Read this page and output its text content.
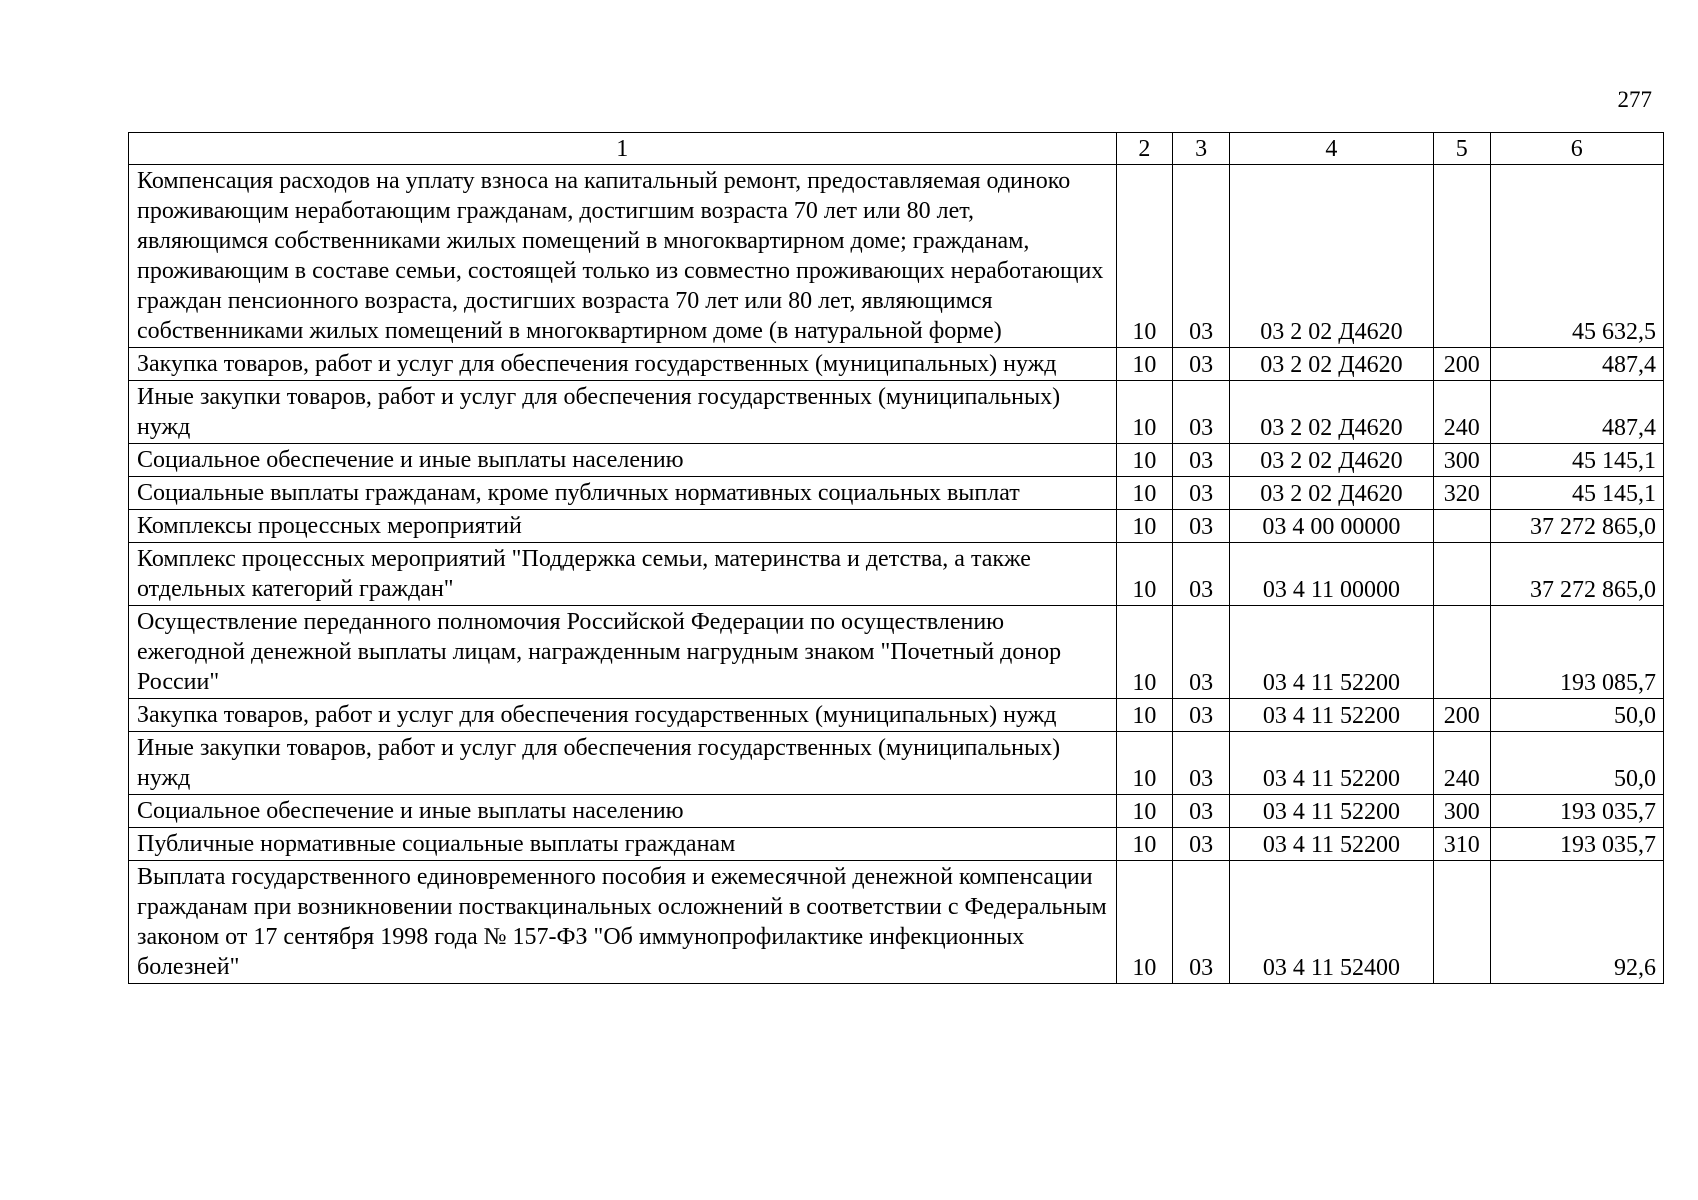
277
1	2	3	4	5	6
Компенсация расходов на уплату взноса на капитальный ремонт, предоставляемая одиноко проживающим неработающим гражданам, достигшим возраста 70 лет или 80 лет, являющимся собственниками жилых помещений в многоквартирном доме; гражданам, проживающим в составе семьи, состоящей только из совместно проживающих неработающих граждан пенсионного возраста, достигших возраста 70 лет или 80 лет, являющимся собственниками жилых помещений в многоквартирном доме (в натуральной форме)	10	03	03 2 02 Д4620		45 632,5
Закупка товаров, работ и услуг для обеспечения государственных (муниципальных) нужд	10	03	03 2 02 Д4620	200	487,4
Иные закупки товаров, работ и услуг для обеспечения государственных (муниципальных) нужд	10	03	03 2 02 Д4620	240	487,4
Социальное обеспечение и иные выплаты населению	10	03	03 2 02 Д4620	300	45 145,1
Социальные выплаты гражданам, кроме публичных нормативных социальных выплат	10	03	03 2 02 Д4620	320	45 145,1
Комплексы процессных мероприятий	10	03	03 4 00 00000		37 272 865,0
Комплекс процессных мероприятий "Поддержка семьи, материнства и детства, а также отдельных категорий граждан"	10	03	03 4 11 00000		37 272 865,0
Осуществление переданного полномочия Российской Федерации по осуществлению ежегодной денежной выплаты лицам, награжденным нагрудным знаком "Почетный донор России"	10	03	03 4 11 52200		193 085,7
Закупка товаров, работ и услуг для обеспечения государственных (муниципальных) нужд	10	03	03 4 11 52200	200	50,0
Иные закупки товаров, работ и услуг для обеспечения государственных (муниципальных) нужд	10	03	03 4 11 52200	240	50,0
Социальное обеспечение и иные выплаты населению	10	03	03 4 11 52200	300	193 035,7
Публичные нормативные социальные выплаты гражданам	10	03	03 4 11 52200	310	193 035,7
Выплата государственного единовременного пособия и ежемесячной денежной компенсации гражданам при возникновении поствакцинальных осложнений в соответствии с Федеральным законом от 17 сентября 1998 года № 157-ФЗ "Об иммунопрофилактике инфекционных болезней"	10	03	03 4 11 52400		92,6
